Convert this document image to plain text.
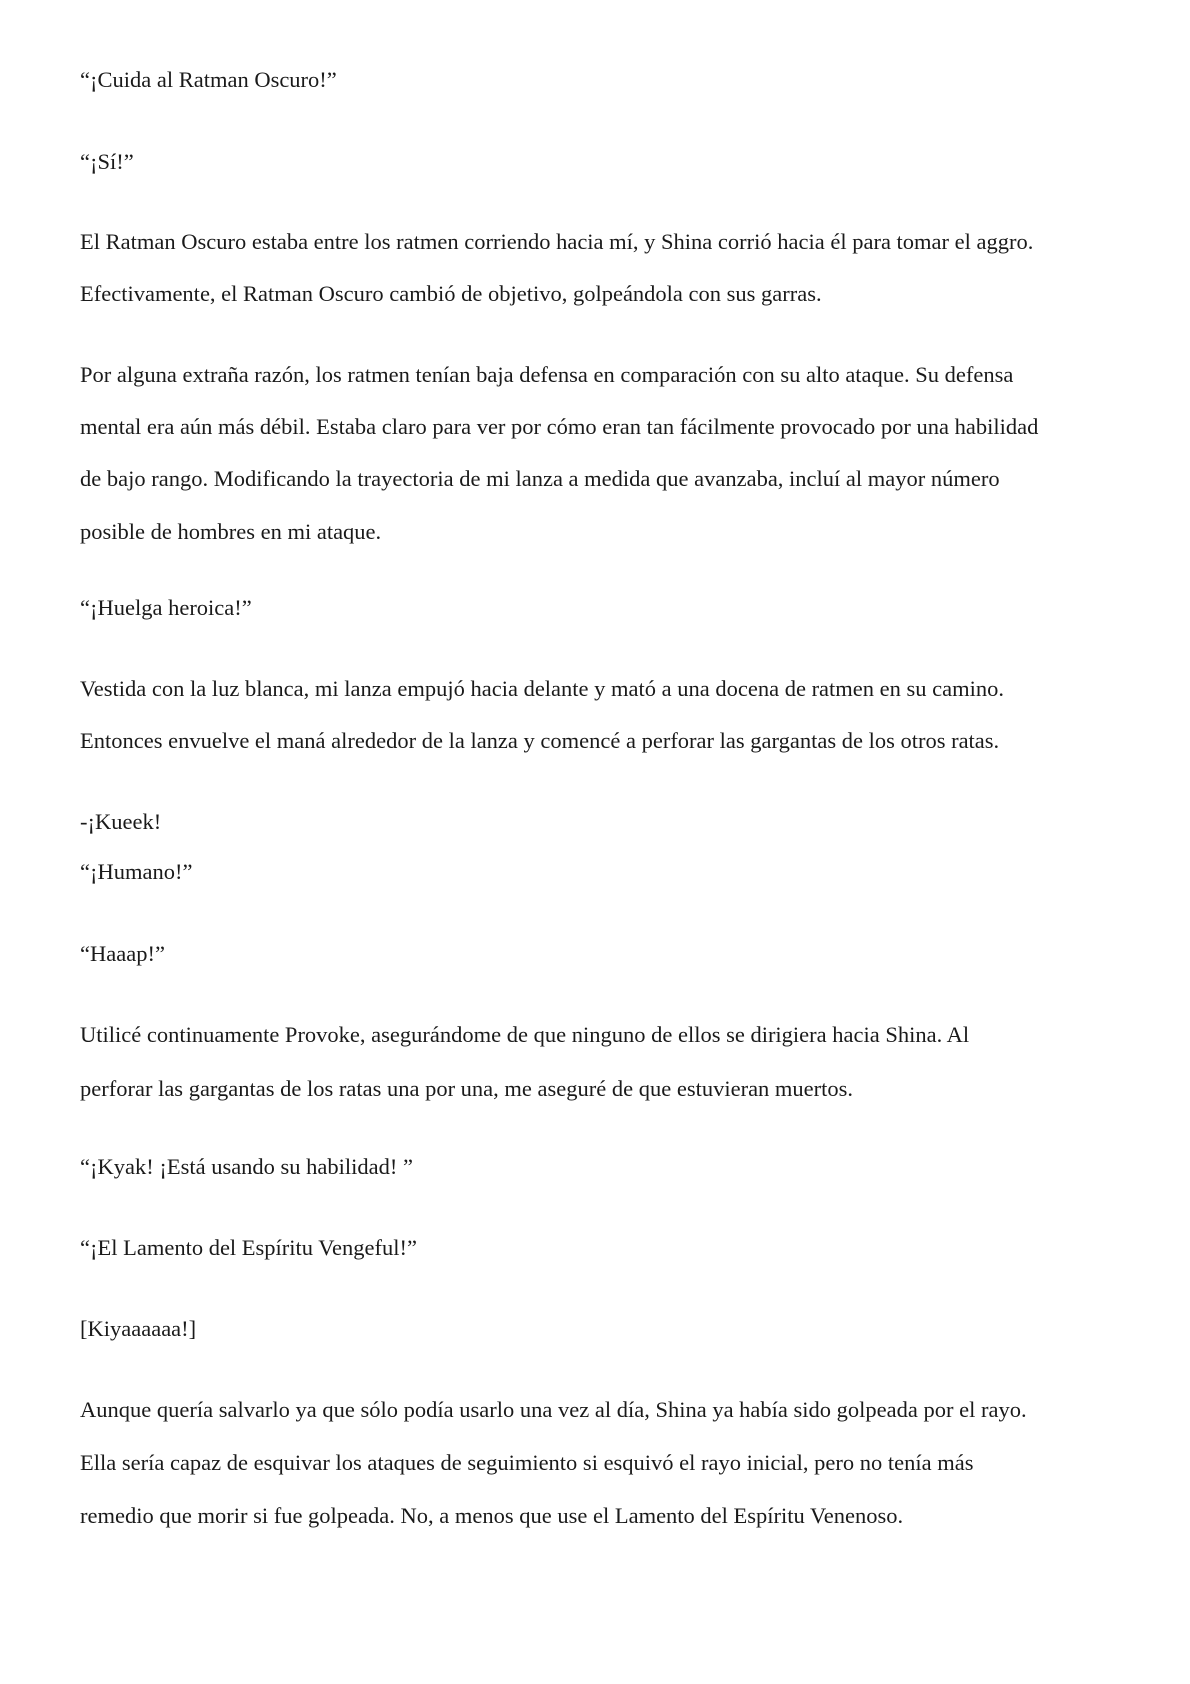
“¡Cuida al Ratman Oscuro!”

“¡Sí!”

El Ratman Oscuro estaba entre los ratmen corriendo hacia mí, y Shina corrió hacia él para tomar el aggro.

Efectivamente, el Ratman Oscuro cambió de objetivo, golpeándola con sus garras.

Por alguna extraña razón, los ratmen tenían baja defensa en comparación con su alto ataque. Su defensa

mental era aún más débil. Estaba claro para ver por cómo eran tan fácilmente provocado por una habilidad

de bajo rango. Modificando la trayectoria de mi lanza a medida que avanzaba, incluí al mayor número

posible de hombres en mi ataque.

“¡Huelga heroica!”

Vestida con la luz blanca, mi lanza empujó hacia delante y mató a una docena de ratmen en su camino.

Entonces envuelve el maná alrededor de la lanza y comencé a perforar las gargantas de los otros ratas.

-¡Kueek!

“¡Humano!”

“Haaap!”

Utilicé continuamente Provoke, asegurándome de que ninguno de ellos se dirigiera hacia Shina. Al

perforar las gargantas de los ratas una por una, me aseguré de que estuvieran muertos.

“¡Kyak! ¡Está usando su habilidad! ”

“¡El Lamento del Espíritu Vengeful!”

[Kiyaaaaaa!]

Aunque quería salvarlo ya que sólo podía usarlo una vez al día, Shina ya había sido golpeada por el rayo.

Ella sería capaz de esquivar los ataques de seguimiento si esquivó el rayo inicial, pero no tenía más

remedio que morir si fue golpeada. No, a menos que use el Lamento del Espíritu Venenoso.
